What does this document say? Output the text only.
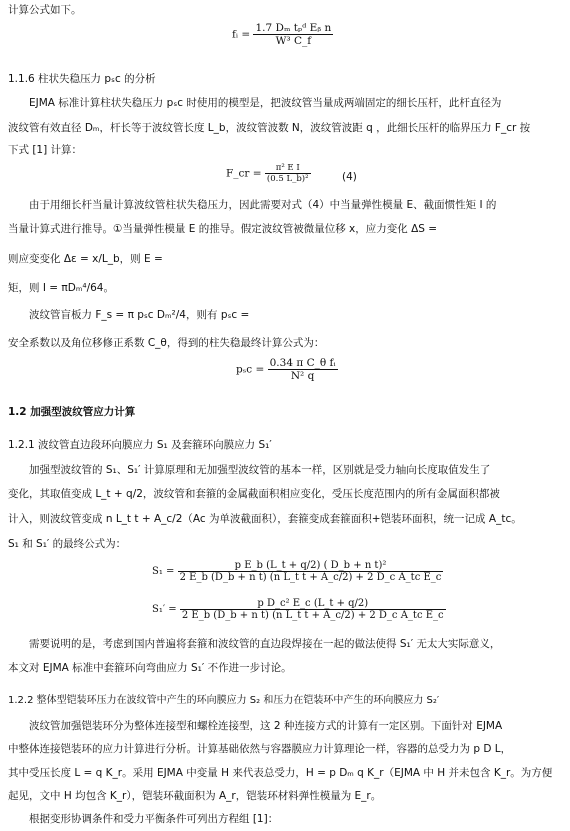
计算公式如下。
fᵢ = $\frac{\text{1.7 Dₘ tₚᵈ Eᵦ n}}{\text{W³ C\_f}}$
1.1.6 柱状失稳压力 pₛc 的分析
EJMA 标准计算柱状失稳压力 pₛc 时使用的模型是，把波纹管当量成两端固定的细长压杆，此杆直径为
波纹管有效直径 Dₘ，杆长等于波纹管长度 L_b，波纹管波数 N，波纹管波距 q ，此细长压杆的临界压力 F_cr 按
下式 [1] 计算：
F_cr = $\frac{\text{π² E I}}{\text{(0.5 L\_b)²}}$	(4)
由于用细长杆当量计算波纹管柱状失稳压力，因此需要对式（4）中当量弹性模量 E、截面惯性矩 I 的
当量计算式进行推导。①当量弹性模量 E 的推导。假定波纹管被微量位移 x，应力变化 ΔS =
则应变变化 Δε = x/L_b，则 E =
矩，则 I = πDₘ⁴/64。
波纹管盲板力 F_s = π pₛc Dₘ²/4，则有 pₛc =
安全系数以及角位移修正系数 C_θ，得到的柱失稳最终计算公式为：
$p_sc = \frac{\text{0.34 π C\_θ fᵢ}}{\text{N² q}}$
1.2 加强型波纹管应力计算
1.2.1 波纹管直边段环向膜应力 S₁ 及套箍环向膜应力 S₁′
加强型波纹管的 S₁、S₁′ 计算原理和无加强型波纹管的基本一样，区别就是受力轴向长度取值发生了
变化，其取值变成 L_t + q/2，波纹管和套箍的金属截面积相应变化，受压长度范围内的所有金属面积都被
计入，则波纹管变成 n L_t t + A_c/2（Ac 为单波截面积），套箍变成套箍面积+铠装环面积，统一记成 A_tc。
S₁ 和 S₁′ 的最终公式为：
$S_1 = \frac{\text{p E\_b (L\_t + q/2) ( D\_b + n t)²}}{\text{2 E\_b (D\_b + n t) (n L\_t t + A\_c/2) + 2 D\_c A\_tc E\_c}}$
$S_1' = \frac{\text{p D\_c² E\_c (L\_t + q/2)}}{\text{2 E\_b (D\_b + n t) (n L\_t t + A\_c/2) + 2 D\_c A\_tc E\_c}}$
需要说明的是，考虑到国内普遍将套箍和波纹管的直边段焊接在一起的做法使得 S₁′ 无太大实际意义，
本文对 EJMA 标准中套箍环向弯曲应力 S₁′ 不作进一步讨论。
1.2.2 整体型铠装环压力在波纹管中产生的环向膜应力 S₂ 和压力在铠装环中产生的环向膜应力 S₂′
波纹管加强铠装环分为整体连接型和螺栓连接型，这 2 种连接方式的计算有一定区别。下面针对 EJMA
中整体连接铠装环的应力计算进行分析。计算基础依然与容器膜应力计算理论一样，容器的总受力为 p D L，
其中受压长度 L = q K_r。采用 EJMA 中变量 H 来代表总受力，H = p Dₘ q K_r（EJMA 中 H 并未包含 K_r。为方便
起见，文中 H 均包含 K_r），铠装环截面积为 A_r，铠装环材料弹性模量为 E_r。
根据变形协调条件和受力平衡条件可列出方程组 [1]：
